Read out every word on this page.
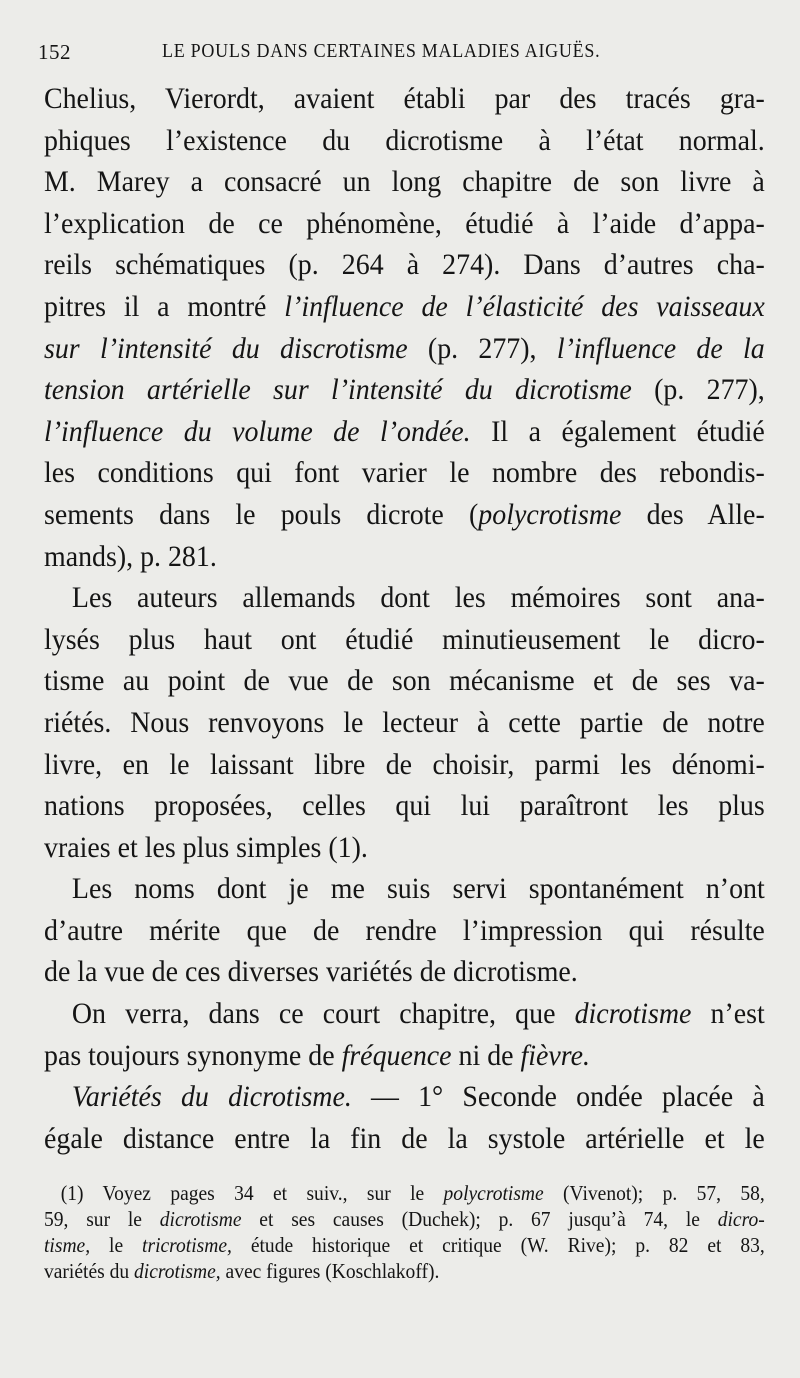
152	LE POULS DANS CERTAINES MALADIES AIGUËS.
Chelius, Vierordt, avaient établi par des tracés gra-
phiques l’existence du dicrotisme à l’état normal.
M. Marey a consacré un long chapitre de son livre à
l’explication de ce phénomène, étudié à l’aide d’appa-
reils schématiques (p. 264 à 274). Dans d’autres cha-
pitres il a montré l’influence de l’élasticité des vaisseaux
sur l’intensité du discrotisme (p. 277), l’influence de la
tension artérielle sur l’intensité du dicrotisme (p. 277),
l’influence du volume de l’ondée. Il a également étudié
les conditions qui font varier le nombre des rebondis-
sements dans le pouls dicrote (polycrotisme des Alle-
mands), p. 281.
Les auteurs allemands dont les mémoires sont ana-
lysés plus haut ont étudié minutieusement le dicro-
tisme au point de vue de son mécanisme et de ses va-
riétés. Nous renvoyons le lecteur à cette partie de notre
livre, en le laissant libre de choisir, parmi les dénomi-
nations proposées, celles qui lui paraîtront les plus
vraies et les plus simples (1).
Les noms dont je me suis servi spontanément n’ont
d’autre mérite que de rendre l’impression qui résulte
de la vue de ces diverses variétés de dicrotisme.
On verra, dans ce court chapitre, que dicrotisme n’est
pas toujours synonyme de fréquence ni de fièvre.
Variétés du dicrotisme. — 1° Seconde ondée placée à
égale distance entre la fin de la systole artérielle et le
(1) Voyez pages 34 et suiv., sur le polycrotisme (Vivenot); p. 57, 58,
59, sur le dicrotisme et ses causes (Duchek); p. 67 jusqu’à 74, le dicro-
tisme, le tricrotisme, étude historique et critique (W. Rive); p. 82 et 83,
variétés du dicrotisme, avec figures (Koschlakoff).
